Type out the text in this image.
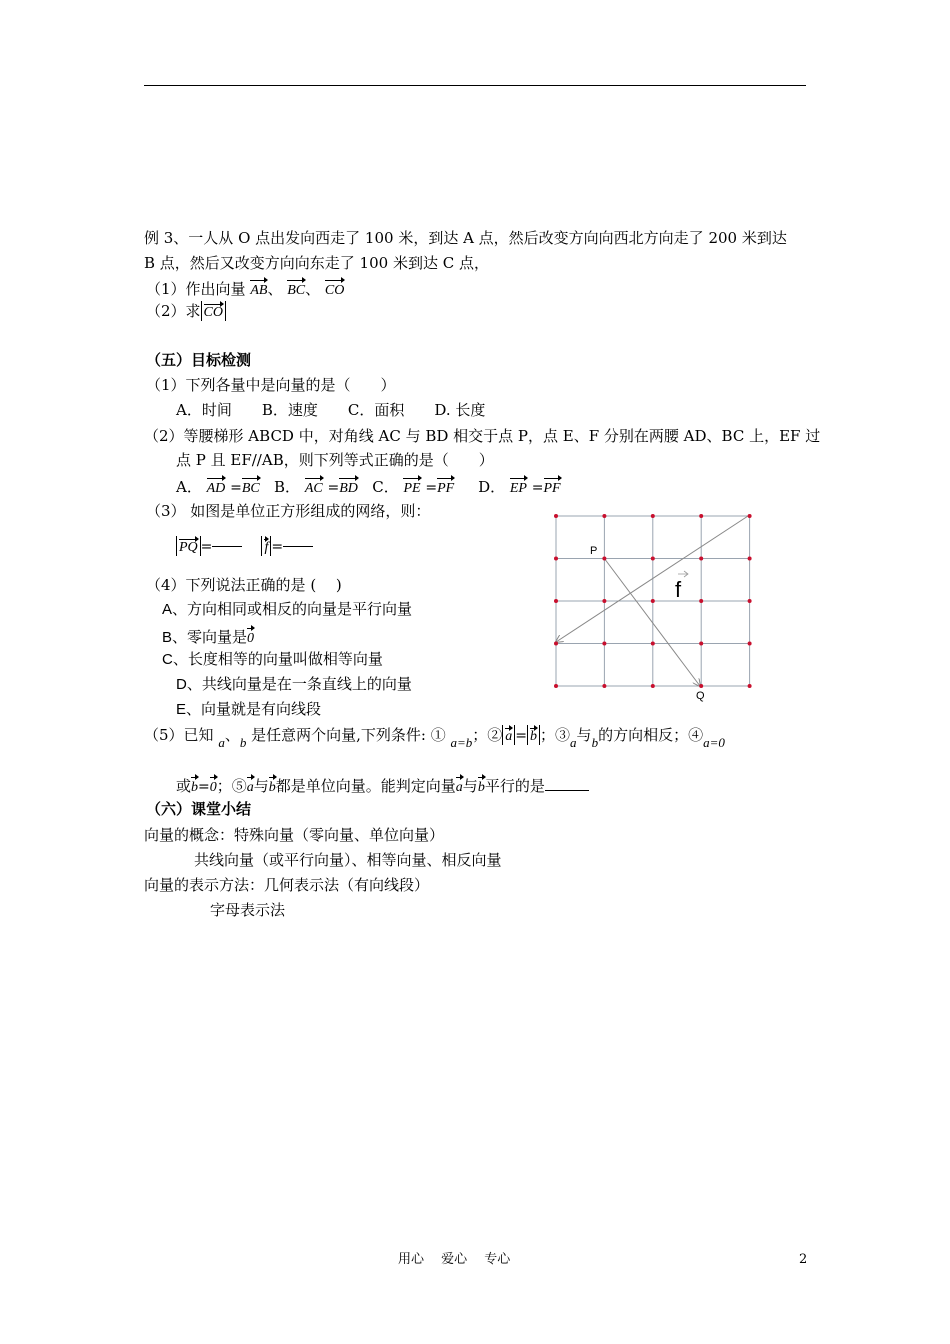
例 3、一人从 O 点出发向西走了 100 米，到达 A 点，然后改变方向向西北方向走了 200 米到达
B 点，然后又改变方向向东走了 100 米到达 C 点，
（1）作出向量 AB、 BC、 CO
（2）求 CO
（五）目标检测
（1）下列各量中是向量的是（　　）
A．时间　　B．速度　　C．面积　　D. 长度
（2）等腰梯形 ABCD 中，对角线 AC 与 BD 相交于点 P，点 E、F 分别在两腰 AD、BC 上，EF 过
点 P 且 EF//AB，则下列等式正确的是（　　）
A． AD =BC B． AC =BD C． PE =PF D． EP =PF
（3） 如图是单位正方形组成的网络，则：
PQ =	f =
（4）下列说法正确的是 (　 )
A、方向相同或相反的向量是平行向量
B、零向量是0
C、长度相等的向量叫做相等向量
D、共线向量是在一条直线上的向量
E、向量就是有向线段
（5）已知 a、b 是任意两个向量,下列条件: ① a=b；② a = b ；③a与b的方向相反；④a=0
或b=0；⑤a与b都是单位向量。能判定向量a与b平行的是
（六）课堂小结
向量的概念：特殊向量（零向量、单位向量）
共线向量（或平行向量）、相等向量、相反向量
向量的表示方法：几何表示法（有向线段）
字母表示法
P
Q
f
用心　 爱心　 专心	2
